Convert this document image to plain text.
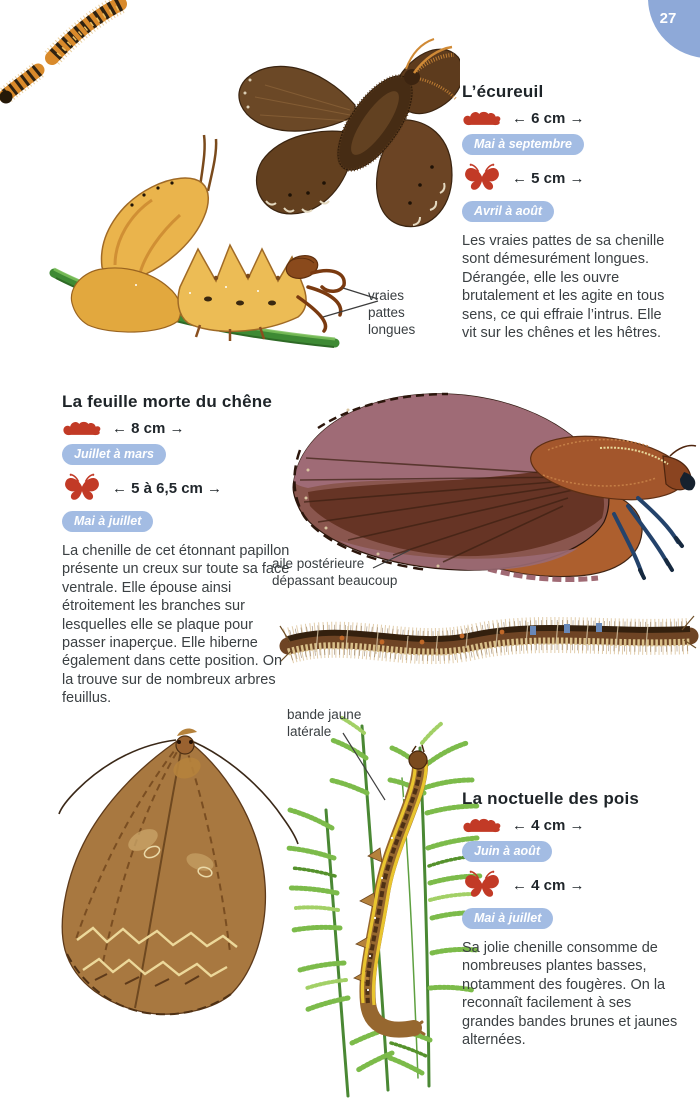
27
L’écureuil
← 6 cm →
Mai à septembre
← 5 cm →
Avril à août

Les vraies pattes de sa chenille sont démesurément longues. Dérangée, elle les ouvre brutalement et les agite en tous sens, ce qui effraie l’intrus. Elle vit sur les chênes et les hêtres.

La feuille morte du chêne
← 8 cm →
Juillet à mars
← 5 à 6,5 cm →
Mai à juillet

La chenille de cet étonnant papillon présente un creux sur toute sa face ventrale. Elle épouse ainsi étroitement les branches sur lesquelles elle se plaque pour passer inaperçue. Elle hiberne également dans cette position. On la trouve sur de nombreux arbres feuillus.

La noctuelle des pois
← 4 cm →
Juin à août
← 4 cm →
Mai à juillet

Sa jolie chenille consomme de nombreuses plantes basses, notamment des fougères. On la reconnaît facilement à ses grandes bandes brunes et jaunes alternées.

vraies pattes longues
aile postérieure dépassant beaucoup
bande jaune latérale
